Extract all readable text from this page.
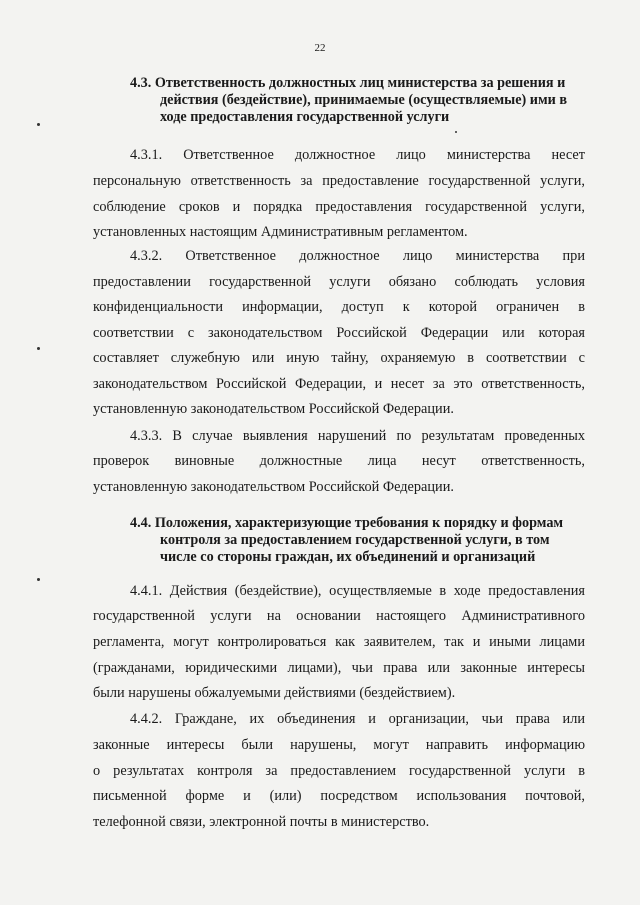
22
4.3. Ответственность должностных лиц министерства за решения и
действия (бездействие), принимаемые (осуществляемые) ими в
ходе предоставления государственной услуги
4.3.1. Ответственное должностное лицо министерства несет
персональную ответственность за предоставление государственной услуги,
соблюдение сроков и порядка предоставления государственной услуги,
установленных настоящим Административным регламентом.
4.3.2. Ответственное должностное лицо министерства при
предоставлении государственной услуги обязано соблюдать условия
конфиденциальности информации, доступ к которой ограничен в
соответствии с законодательством Российской Федерации или которая
составляет служебную или иную тайну, охраняемую в соответствии с
законодательством Российской Федерации, и несет за это ответственность,
установленную законодательством Российской Федерации.
4.3.3. В случае выявления нарушений по результатам проведенных
проверок виновные должностные лица несут ответственность,
установленную законодательством Российской Федерации.
4.4. Положения, характеризующие требования к порядку и формам
контроля за предоставлением государственной услуги, в том
числе со стороны граждан, их объединений и организаций
4.4.1. Действия (бездействие), осуществляемые в ходе предоставления
государственной услуги на основании настоящего Административного
регламента, могут контролироваться как заявителем, так и иными лицами
(гражданами, юридическими лицами), чьи права или законные интересы
были нарушены обжалуемыми действиями (бездействием).
4.4.2. Граждане, их объединения и организации, чьи права или
законные интересы были нарушены, могут направить информацию
о результатах контроля за предоставлением государственной услуги в
письменной форме и (или) посредством использования почтовой,
телефонной связи, электронной почты в министерство.
